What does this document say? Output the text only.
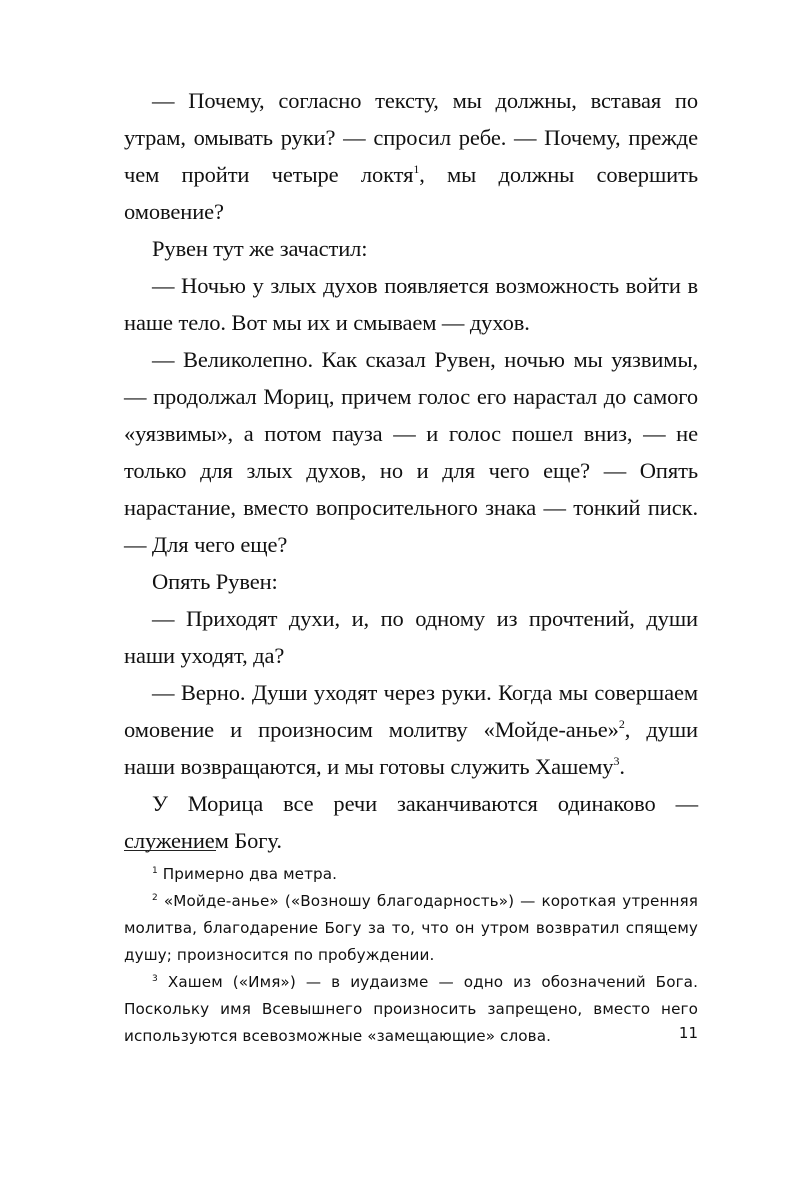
— Почему, согласно тексту, мы должны, вставая по утрам, омывать руки? — спросил ребе. — Почему, прежде чем пройти четыре локтя$^1$, мы должны совершить омовение?

Рувен тут же зачастил:

— Ночью у злых духов появляется возможность войти в наше тело. Вот мы их и смываем — духов.

— Великолепно. Как сказал Рувен, ночью мы уязвимы, — продолжал Мориц, причем голос его нарастал до самого «уязвимы», а потом пауза — и голос пошел вниз, — не только для злых духов, но и для чего еще? — Опять нарастание, вместо вопросительного знака — тонкий писк. — Для чего еще?

Опять Рувен:

— Приходят духи, и, по одному из прочтений, души наши уходят, да?

— Верно. Души уходят через руки. Когда мы совершаем омовение и произносим молитву «Мойде-анье»$^2$, души наши возвращаются, и мы готовы служить Хашему$^3$.

У Морица все речи заканчиваются одинаково — служением Богу.

$^1$ Примерно два метра.

$^2$ «Мойде-анье» («Возношу благодарность») — короткая утренняя молитва, благодарение Богу за то, что он утром возвратил спящему душу; произносится по пробуждении.

$^3$ Хашем («Имя») — в иудаизме — одно из обозначений Бога. Поскольку имя Всевышнего произносить запрещено, вместо него используются всевозможные «замещающие» слова.	11
